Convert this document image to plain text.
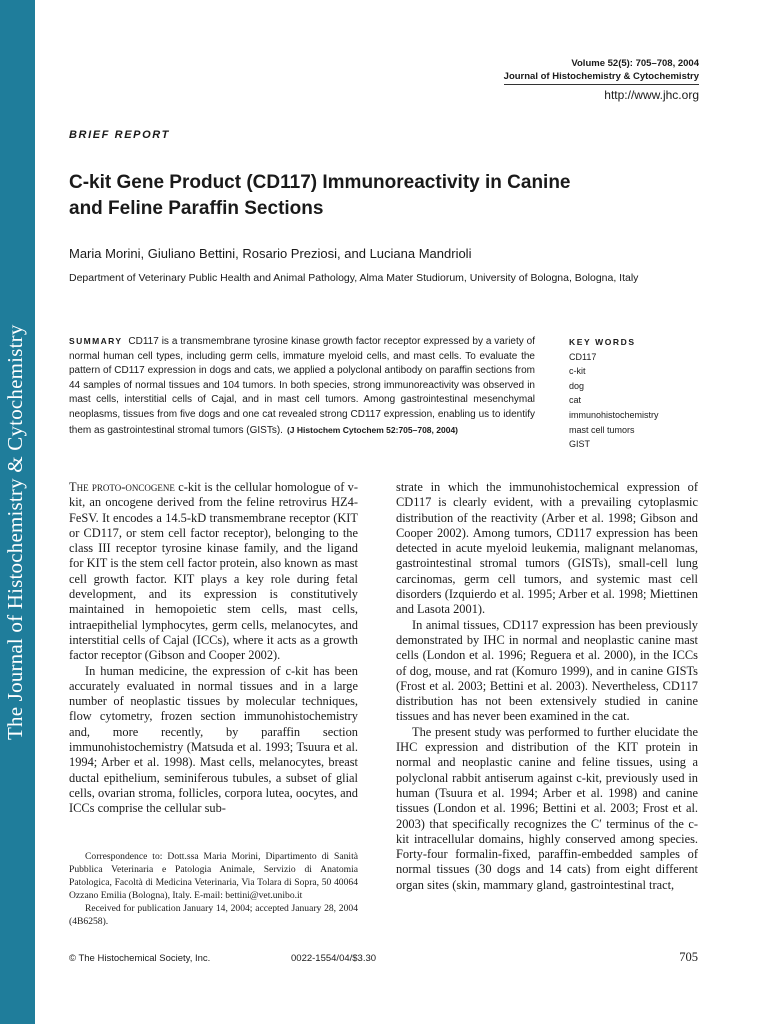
The Journal of Histochemistry & Cytochemistry
Volume 52(5): 705–708, 2004
Journal of Histochemistry & Cytochemistry
http://www.jhc.org
BRIEF REPORT
C-kit Gene Product (CD117) Immunoreactivity in Canine
and Feline Paraffin Sections
Maria Morini, Giuliano Bettini, Rosario Preziosi, and Luciana Mandrioli
Department of Veterinary Public Health and Animal Pathology, Alma Mater Studiorum, University of Bologna, Bologna, Italy
SUMMARY CD117 is a transmembrane tyrosine kinase growth factor receptor expressed by a variety of normal human cell types, including germ cells, immature myeloid cells, and mast cells. To evaluate the pattern of CD117 expression in dogs and cats, we applied a polyclonal antibody on paraffin sections from 44 samples of normal tissues and 104 tumors. In both species, strong immunoreactivity was observed in mast cells, interstitial cells of Cajal, and in mast cell tumors. Among gastrointestinal mesenchymal neoplasms, tissues from five dogs and one cat revealed strong CD117 expression, enabling us to identify them as gastrointestinal stromal tumors (GISTs). (J Histochem Cytochem 52:705–708, 2004)
KEY WORDS
CD117
c-kit
dog
cat
immunohistochemistry
mast cell tumors
GIST

The proto-oncogene c-kit is the cellular homologue of v-kit, an oncogene derived from the feline retrovirus HZ4-FeSV. It encodes a 14.5-kD transmembrane receptor (KIT or CD117, or stem cell factor receptor), belonging to the class III receptor tyrosine kinase family, and the ligand for KIT is the stem cell factor protein, also known as mast cell growth factor. KIT plays a key role during fetal development, and its expression is constitutively maintained in hemopoietic stem cells, mast cells, intraepithelial lymphocytes, germ cells, melanocytes, and interstitial cells of Cajal (ICCs), where it acts as a growth factor receptor (Gibson and Cooper 2002).

In human medicine, the expression of c-kit has been accurately evaluated in normal tissues and in a large number of neoplastic tissues by molecular techniques, flow cytometry, frozen section immunohistochemistry and, more recently, by paraffin section immunohistochemistry (Matsuda et al. 1993; Tsuura et al. 1994; Arber et al. 1998). Mast cells, melanocytes, breast ductal epithelium, seminiferous tubules, a subset of glial cells, ovarian stroma, follicles, corpora lutea, oocytes, and ICCs comprise the cellular sub-

Correspondence to: Dott.ssa Maria Morini, Dipartimento di Sanità Pubblica Veterinaria e Patologia Animale, Servizio di Anatomia Patologica, Facoltà di Medicina Veterinaria, Via Tolara di Sopra, 50 40064 Ozzano Emilia (Bologna), Italy. E-mail: bettini@vet.unibo.it

Received for publication January 14, 2004; accepted January 28, 2004 (4B6258).

strate in which the immunohistochemical expression of CD117 is clearly evident, with a prevailing cytoplasmic distribution of the reactivity (Arber et al. 1998; Gibson and Cooper 2002). Among tumors, CD117 expression has been detected in acute myeloid leukemia, malignant melanomas, gastrointestinal stromal tumors (GISTs), small-cell lung carcinomas, germ cell tumors, and systemic mast cell disorders (Izquierdo et al. 1995; Arber et al. 1998; Miettinen and Lasota 2001).

In animal tissues, CD117 expression has been previously demonstrated by IHC in normal and neoplastic canine mast cells (London et al. 1996; Reguera et al. 2000), in the ICCs of dog, mouse, and rat (Komuro 1999), and in canine GISTs (Frost et al. 2003; Bettini et al. 2003). Nevertheless, CD117 distribution has not been extensively studied in canine tissues and has never been examined in the cat.

The present study was performed to further elucidate the IHC expression and distribution of the KIT protein in normal and neoplastic canine and feline tissues, using a polyclonal rabbit antiserum against c-kit, previously used in human (Tsuura et al. 1994; Arber et al. 1998) and canine tissues (London et al. 1996; Bettini et al. 2003; Frost et al. 2003) that specifically recognizes the C′ terminus of the c-kit intracellular domains, highly conserved among species. Forty-four formalin-fixed, paraffin-embedded samples of normal tissues (30 dogs and 14 cats) from eight different organ sites (skin, mammary gland, gastrointestinal tract,

© The Histochemical Society, Inc.	0022-1554/04/$3.30	705
